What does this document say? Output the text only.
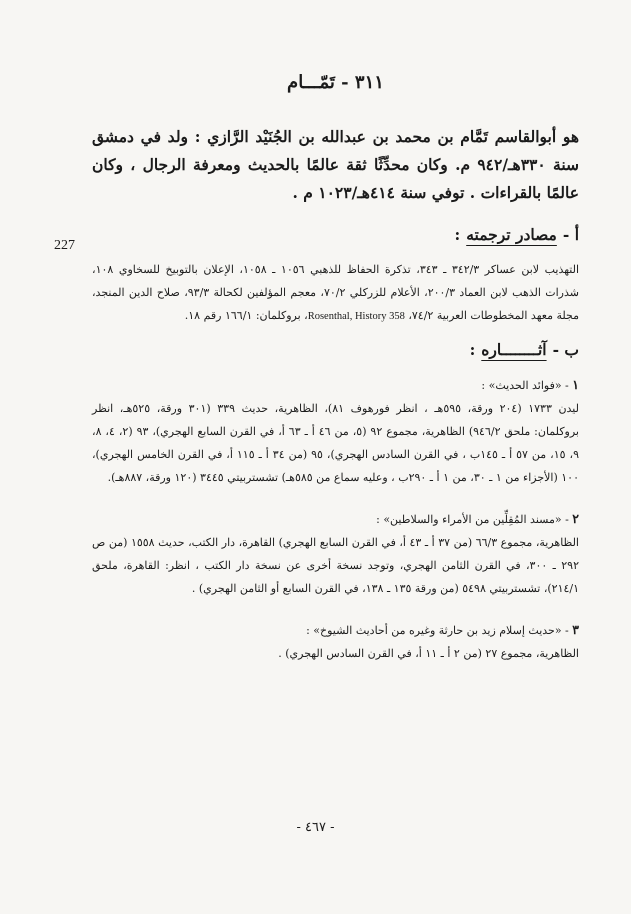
227
٣١١ - تَمّـــام

هو أبوالقاسم تَمَّام بن محمد بن عبدالله بن الجُنَيْد الرَّازي : ولد في دمشق سنة ٣٣٠هـ/٩٤٢ م. وكان محدِّثًا ثقة عالمًا بالحديث ومعرفة الرجال ، وكان عالمًا بالقراءات . توفي سنة ٤١٤هـ/١٠٢٣ م .

أ -
مصادر ترجمته
:

التهذيب لابن عساكر ٣٤٢/٣ ـ ٣٤٣، تذكرة الحفاظ للذهبي ١٠٥٦ ـ ١٠٥٨، الإعلان بالتوبيخ للسخاوي ١٠٨، شذرات الذهب لابن العماد ٢٠٠/٣، الأعلام للزركلي ٧٠/٢، معجم المؤلفين لكحالة ٩٣/٣، صلاح الدين المنجد، مجلة معهد المخطوطات العربية ٧٤/٢، Rosenthal, History 358، بروكلمان: ١٦٦/١ رقم ١٨.

ب -
آثــــــــاره
:

١ - «فوائد الحديث» :

ليدن ١٧٣٣ (٢٠٤ ورقة، ٥٩٥هـ ، انظر فورهوف ٨١)، الظاهرية، حديث ٣٣٩ (٣٠١ ورقة، ٥٢٥هـ، انظر بروكلمان: ملحق ٩٤٦/٢) الظاهرية، مجموع ٩٢ (٥، من ٤٦ أ ـ ٦٣ أ، في القرن السابع الهجري)، ٩٣ (٢، ٤، ٨، ٩، ١٥، من ٥٧ أ ـ ١٤٥ب ، في القرن السادس الهجري)، ٩٥ (من ٣٤ أ ـ ١١٥ أ، في القرن الخامس الهجري)، ١٠٠ (الأجزاء من ١ ـ ٣٠، من ١ أ ـ ٢٩٠ب ، وعليه سماع من ٥٨٥هـ) تشستربيتي ٣٤٤٥ (١٢٠ ورقة، ٨٨٧هـ).

٢ - «مسند المُقِلِّين من الأمراء والسلاطين» :

الظاهرية، مجموع ٦٦/٣ (من ٣٧ أ ـ ٤٣ أ، في القرن السابع الهجري) القاهرة، دار الكتب، حديث ١٥٥٨ (من ص ٢٩٢ ـ ٣٠٠، في القرن الثامن الهجري، وتوجد نسخة أخرى عن نسخة دار الكتب ، انظر: القاهرة، ملحق ٢١٤/١)، تشستربيتي ٥٤٩٨ (من ورقة ١٣٥ ـ ١٣٨، في القرن السابع أو الثامن الهجري) .

٣ - «حديث إسلام زيد بن حارثة وغيره من أحاديث الشيوخ» :

الظاهرية، مجموع ٢٧ (من ٢ أ ـ ١١ أ، في القرن السادس الهجري) .

- ٤٦٧ -
